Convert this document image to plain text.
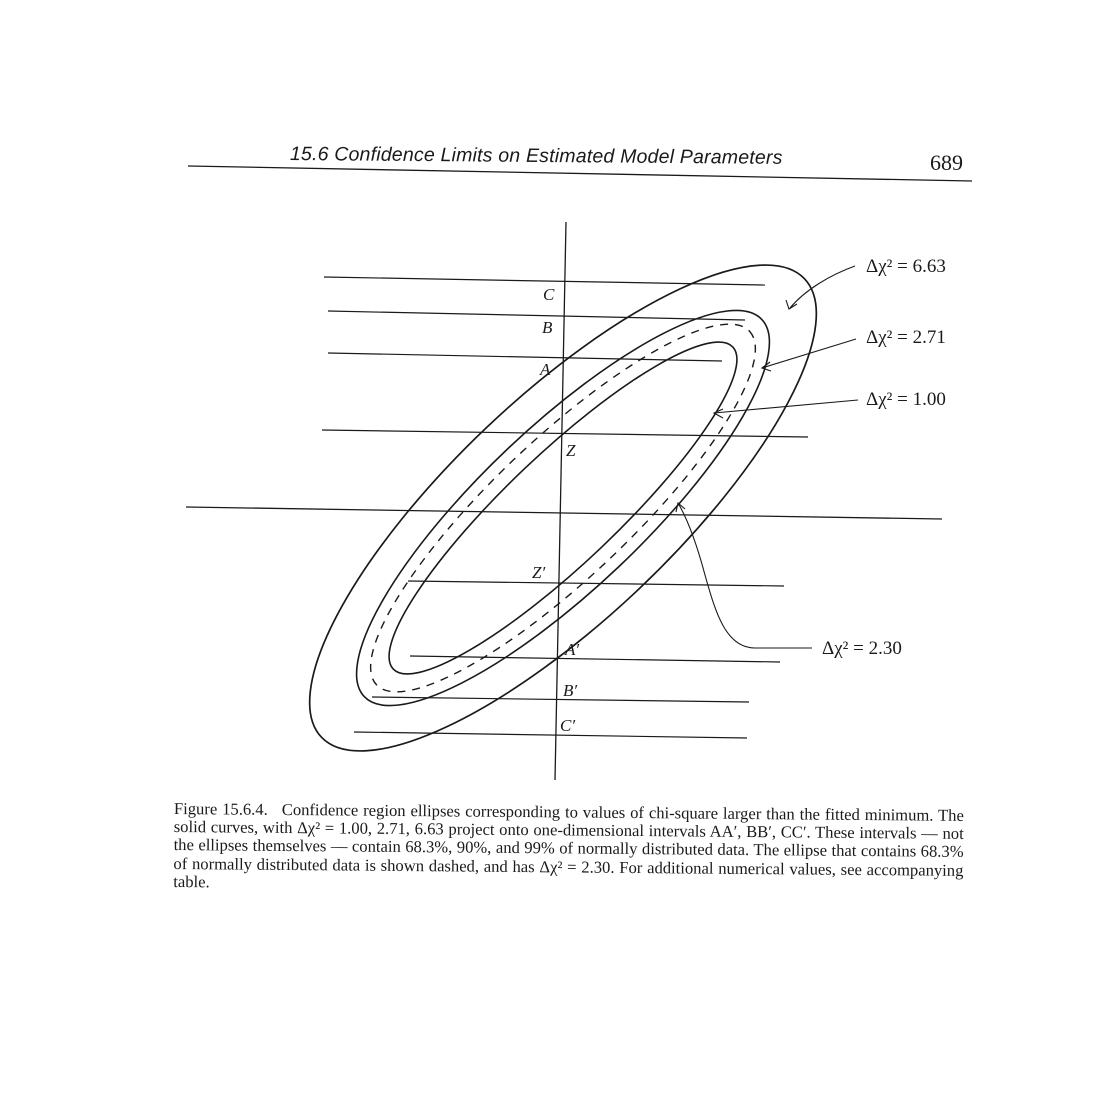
15.6 Confidence Limits on Estimated Model Parameters	689
C
B
A
Z
Z′
A′
B′
C′
Δχ² = 6.63
Δχ² = 2.71
Δχ² = 1.00
Δχ² = 2.30
Figure 15.6.4. Confidence region ellipses corresponding to values of chi-square larger than the fitted minimum. The solid curves, with Δχ² = 1.00, 2.71, 6.63 project onto one-dimensional intervals AA′, BB′, CC′. These intervals — not the ellipses themselves — contain 68.3%, 90%, and 99% of normally distributed data. The ellipse that contains 68.3% of normally distributed data is shown dashed, and has Δχ² = 2.30. For additional numerical values, see accompanying table.
